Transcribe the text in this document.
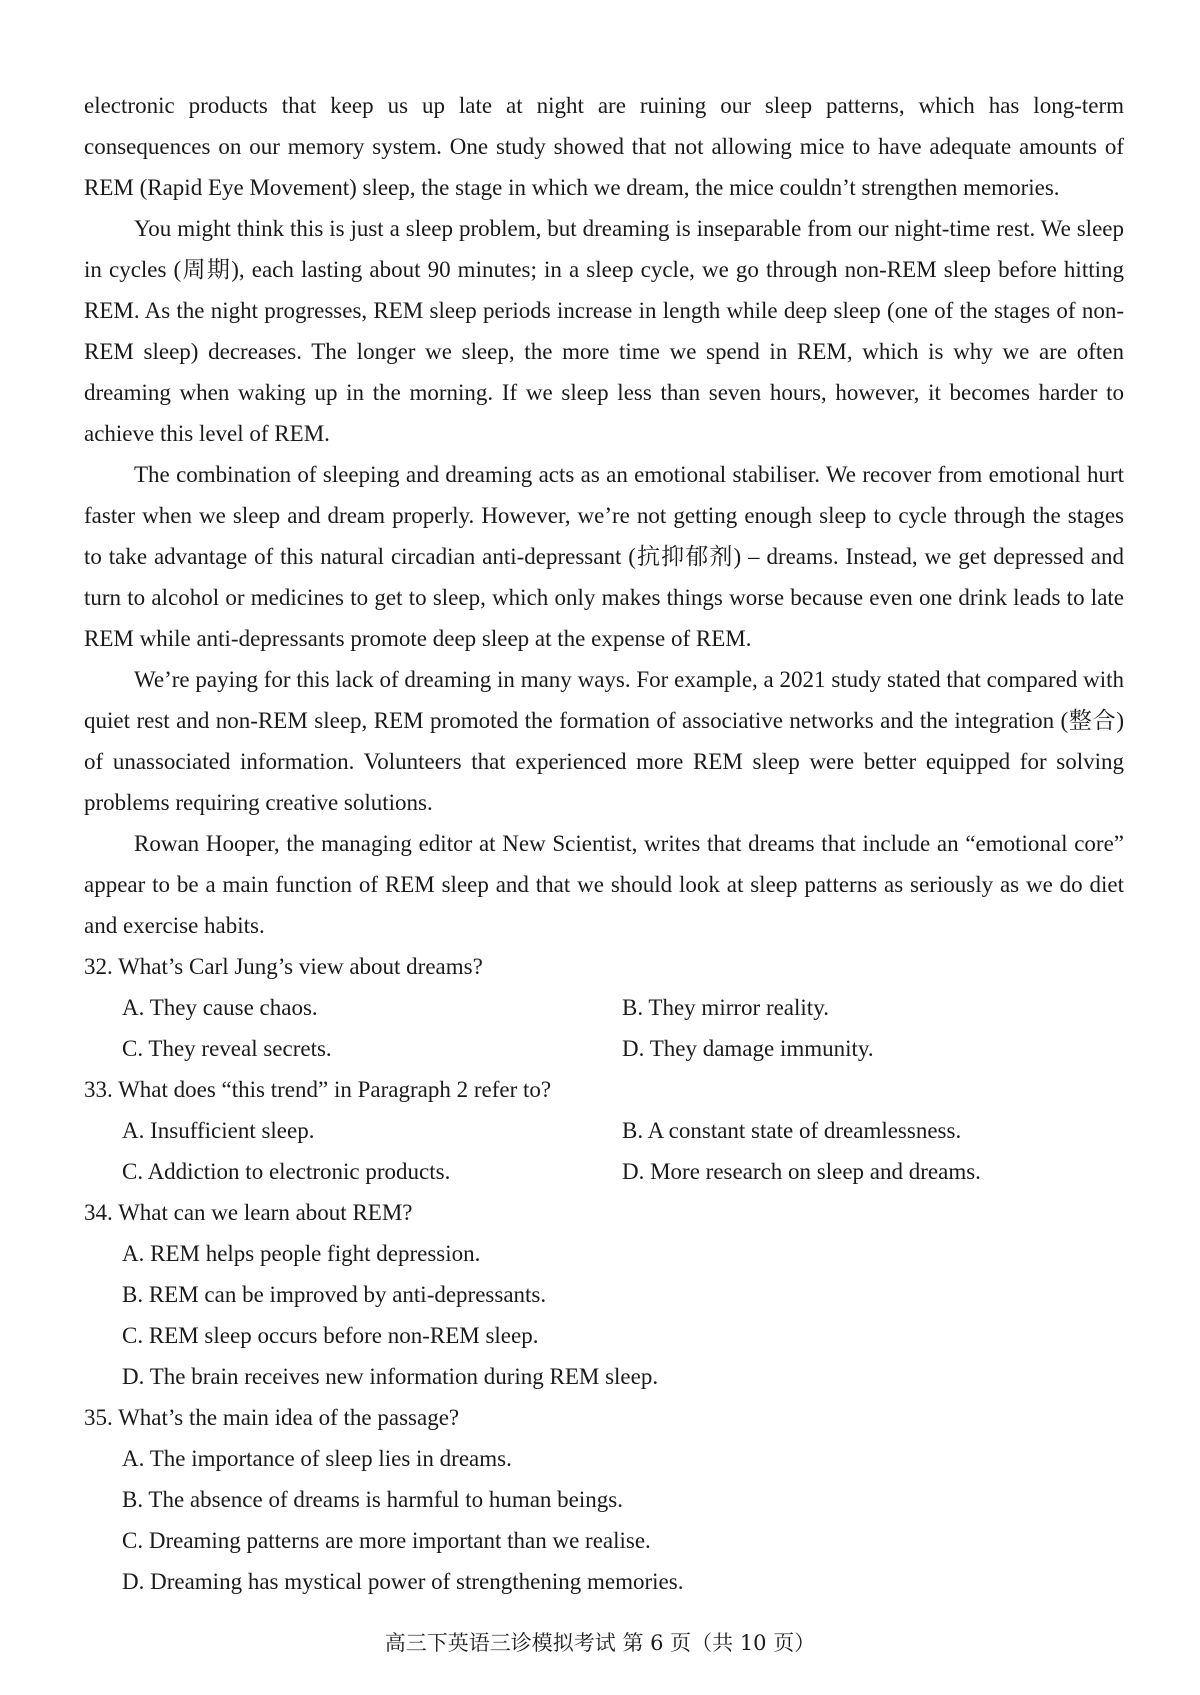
electronic products that keep us up late at night are ruining our sleep patterns, which has long-term consequences on our memory system. One study showed that not allowing mice to have adequate amounts of REM (Rapid Eye Movement) sleep, the stage in which we dream, the mice couldn’t strengthen memories.

You might think this is just a sleep problem, but dreaming is inseparable from our night-time rest. We sleep in cycles (周期), each lasting about 90 minutes; in a sleep cycle, we go through non-REM sleep before hitting REM. As the night progresses, REM sleep periods increase in length while deep sleep (one of the stages of non-REM sleep) decreases. The longer we sleep, the more time we spend in REM, which is why we are often dreaming when waking up in the morning. If we sleep less than seven hours, however, it becomes harder to achieve this level of REM.

The combination of sleeping and dreaming acts as an emotional stabiliser. We recover from emotional hurt faster when we sleep and dream properly. However, we’re not getting enough sleep to cycle through the stages to take advantage of this natural circadian anti-depressant (抗抑郁剂) – dreams. Instead, we get depressed and turn to alcohol or medicines to get to sleep, which only makes things worse because even one drink leads to late REM while anti-depressants promote deep sleep at the expense of REM.

We’re paying for this lack of dreaming in many ways. For example, a 2021 study stated that compared with quiet rest and non-REM sleep, REM promoted the formation of associative networks and the integration (整合) of unassociated information. Volunteers that experienced more REM sleep were better equipped for solving problems requiring creative solutions.

Rowan Hooper, the managing editor at New Scientist, writes that dreams that include an “emotional core” appear to be a main function of REM sleep and that we should look at sleep patterns as seriously as we do diet and exercise habits.

32. What’s Carl Jung’s view about dreams?

A. They cause chaos.	B. They mirror reality.
C. They reveal secrets.	D. They damage immunity.

33. What does “this trend” in Paragraph 2 refer to?

A. Insufficient sleep.	B. A constant state of dreamlessness.
C. Addiction to electronic products.	D. More research on sleep and dreams.

34. What can we learn about REM?

A. REM helps people fight depression.
B. REM can be improved by anti-depressants.
C. REM sleep occurs before non-REM sleep.
D. The brain receives new information during REM sleep.

35. What’s the main idea of the passage?

A. The importance of sleep lies in dreams.
B. The absence of dreams is harmful to human beings.
C. Dreaming patterns are more important than we realise.
D. Dreaming has mystical power of strengthening memories.
高三下英语三诊模拟考试 第 6 页（共 10 页）
